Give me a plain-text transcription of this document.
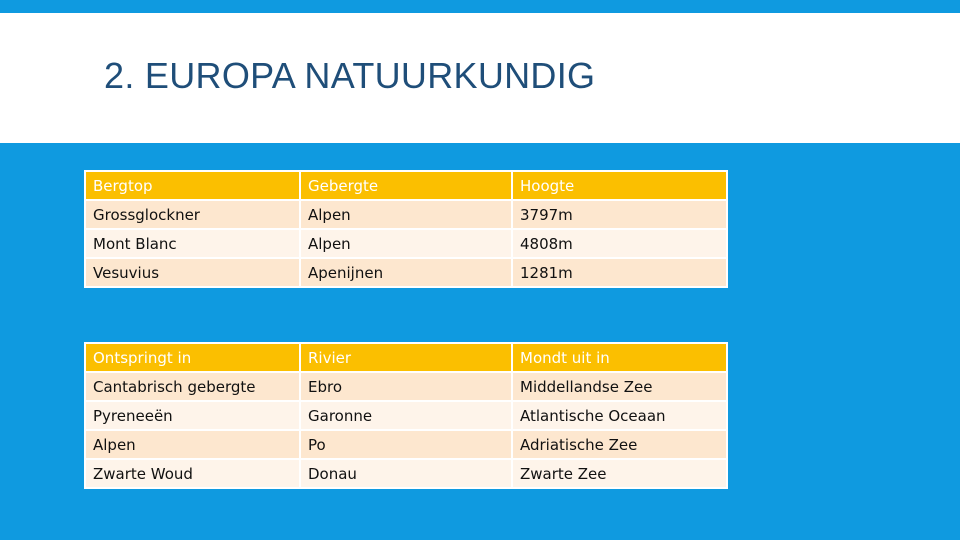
2. EUROPA NATUURKUNDIG
Bergtop	Gebergte	Hoogte
Grossglockner	Alpen	3797m
Mont Blanc	Alpen	4808m
Vesuvius	Apenijnen	1281m
Ontspringt in	Rivier	Mondt uit in
Cantabrisch gebergte	Ebro	Middellandse Zee
Pyreneeën	Garonne	Atlantische Oceaan
Alpen	Po	Adriatische Zee
Zwarte Woud	Donau	Zwarte Zee
